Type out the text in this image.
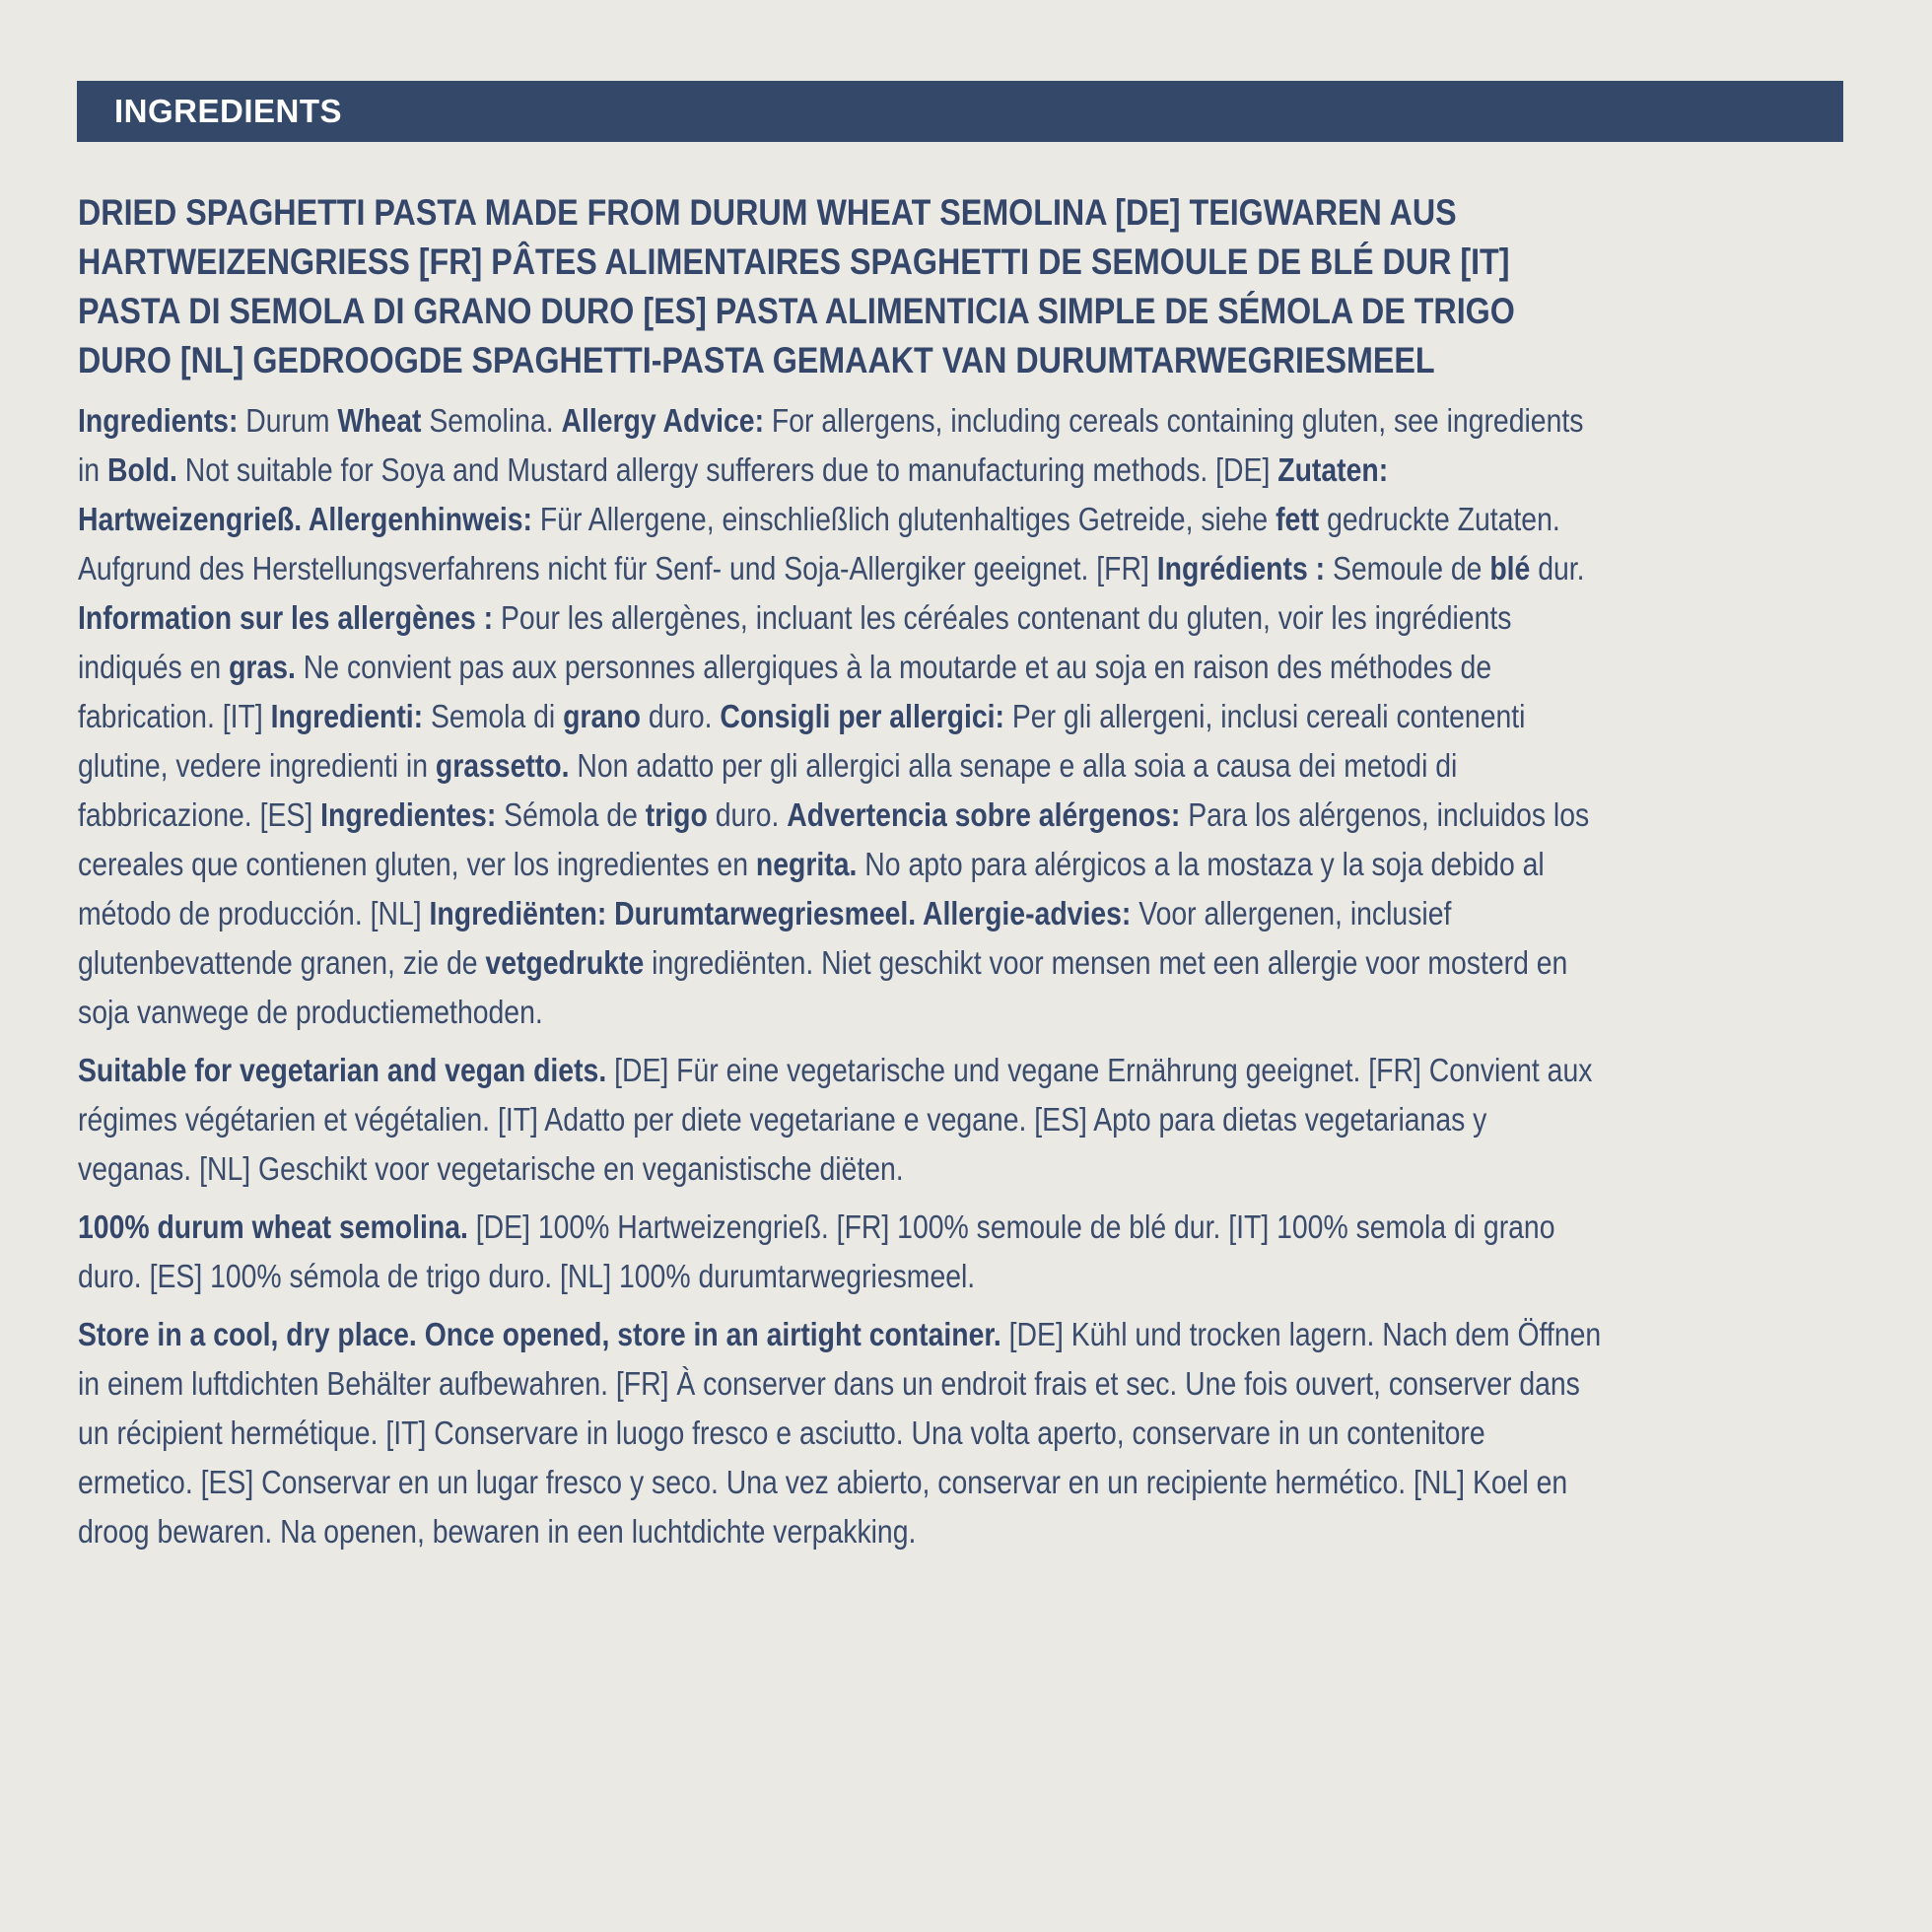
INGREDIENTS
DRIED SPAGHETTI PASTA MADE FROM DURUM WHEAT SEMOLINA [DE] TEIGWAREN AUS HARTWEIZENGRIESS [FR] PÂTES ALIMENTAIRES SPAGHETTI DE SEMOULE DE BLÉ DUR [IT] PASTA DI SEMOLA DI GRANO DURO [ES] PASTA ALIMENTICIA SIMPLE DE SÉMOLA DE TRIGO DURO [NL] GEDROOGDE SPAGHETTI-PASTA GEMAAKT VAN DURUMTARWEGRIESMEEL

Ingredients: Durum Wheat Semolina. Allergy Advice: For allergens, including cereals containing gluten, see ingredients in Bold. Not suitable for Soya and Mustard allergy sufferers due to manufacturing methods. [DE] Zutaten: Hartweizengrieß. Allergenhinweis: Für Allergene, einschließlich glutenhaltiges Getreide, siehe fett gedruckte Zutaten. Aufgrund des Herstellungsverfahrens nicht für Senf- und Soja-Allergiker geeignet. [FR] Ingrédients : Semoule de blé dur. Information sur les allergènes : Pour les allergènes, incluant les céréales contenant du gluten, voir les ingrédients indiqués en gras. Ne convient pas aux personnes allergiques à la moutarde et au soja en raison des méthodes de fabrication. [IT] Ingredienti: Semola di grano duro. Consigli per allergici: Per gli allergeni, inclusi cereali contenenti glutine, vedere ingredienti in grassetto. Non adatto per gli allergici alla senape e alla soia a causa dei metodi di fabbricazione. [ES] Ingredientes: Sémola de trigo duro. Advertencia sobre alérgenos: Para los alérgenos, incluidos los cereales que contienen gluten, ver los ingredientes en negrita. No apto para alérgicos a la mostaza y la soja debido al método de producción. [NL] Ingrediënten: Durumtarwegriesmeel. Allergie-advies: Voor allergenen, inclusief glutenbevattende granen, zie de vetgedrukte ingrediënten. Niet geschikt voor mensen met een allergie voor mosterd en soja vanwege de productiemethoden.

Suitable for vegetarian and vegan diets. [DE] Für eine vegetarische und vegane Ernährung geeignet. [FR] Convient aux régimes végétarien et végétalien. [IT] Adatto per diete vegetariane e vegane. [ES] Apto para dietas vegetarianas y veganas. [NL] Geschikt voor vegetarische en veganistische diëten.

100% durum wheat semolina. [DE] 100% Hartweizengrieß. [FR] 100% semoule de blé dur. [IT] 100% semola di grano duro. [ES] 100% sémola de trigo duro. [NL] 100% durumtarwegriesmeel.

Store in a cool, dry place. Once opened, store in an airtight container. [DE] Kühl und trocken lagern. Nach dem Öffnen in einem luftdichten Behälter aufbewahren. [FR] À conserver dans un endroit frais et sec. Une fois ouvert, conserver dans un récipient hermétique. [IT] Conservare in luogo fresco e asciutto. Una volta aperto, conservare in un contenitore ermetico. [ES] Conservar en un lugar fresco y seco. Una vez abierto, conservar en un recipiente hermético. [NL] Koel en droog bewaren. Na openen, bewaren in een luchtdichte verpakking.
